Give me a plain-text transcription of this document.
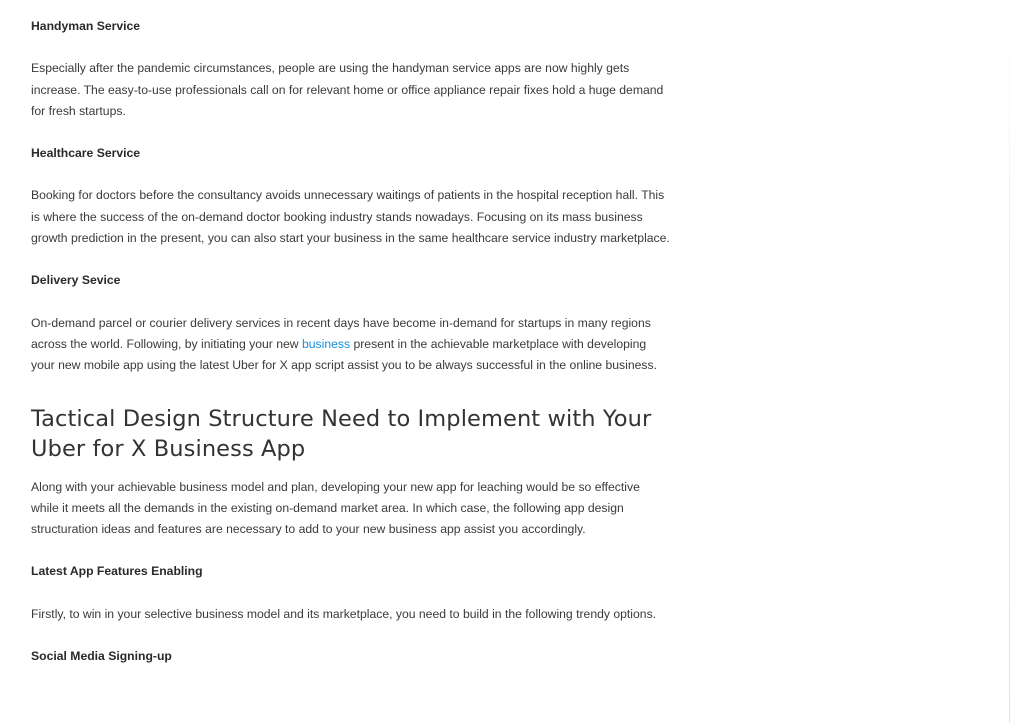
Handyman Service

Especially after the pandemic circumstances, people are using the handyman service apps are now highly gets increase. The easy-to-use professionals call on for relevant home or office appliance repair fixes hold a huge demand for fresh startups.

Healthcare Service

Booking for doctors before the consultancy avoids unnecessary waitings of patients in the hospital reception hall. This is where the success of the on-demand doctor booking industry stands nowadays. Focusing on its mass business growth prediction in the present, you can also start your business in the same healthcare service industry marketplace.

Delivery Sevice

On-demand parcel or courier delivery services in recent days have become in-demand for startups in many regions across the world. Following, by initiating your new business present in the achievable marketplace with developing your new mobile app using the latest Uber for X app script assist you to be always successful in the online business.

Tactical Design Structure Need to Implement with Your Uber for X Business App

Along with your achievable business model and plan, developing your new app for leaching would be so effective while it meets all the demands in the existing on-demand market area. In which case, the following app design structuration ideas and features are necessary to add to your new business app assist you accordingly.

Latest App Features Enabling

Firstly, to win in your selective business model and its marketplace, you need to build in the following trendy options.

Social Media Signing-up
